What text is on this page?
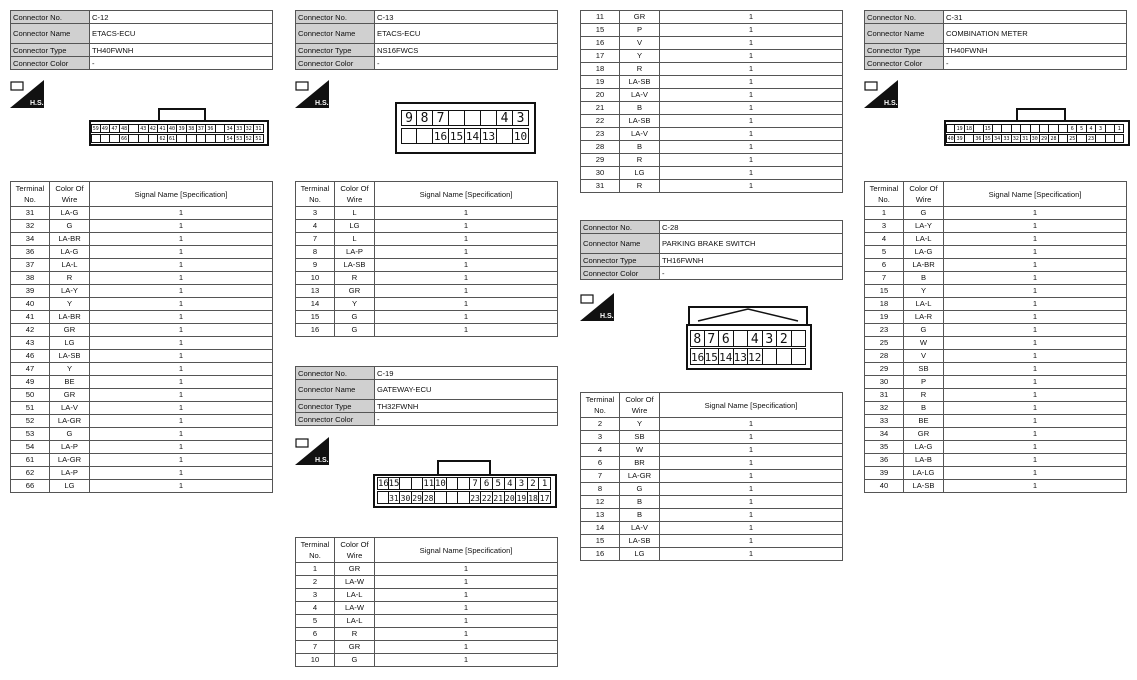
Connector No.	C-12
Connector Name	ETACS-ECU
Connector Type	TH40FWNH
Connector Color	-
H.S.
59 49 47 48	43 42 41 40 39 38 37 36	34 33 32 31
66	62 61	54 53 52 51
Terminal No.	Color Of Wire	Signal Name [Specification]
31	LA-G	1
32	G	1
34	LA-BR	1
36	LA-G	1
37	LA-L	1
38	R	1
39	LA-Y	1
40	Y	1
41	LA-BR	1
42	GR	1
43	LG	1
46	LA-SB	1
47	Y	1
49	BE	1
50	GR	1
51	LA-V	1
52	LA-GR	1
53	G	1
54	LA-P	1
61	LA-GR	1
62	LA-P	1
66	LG	1
Connector No.	C-13
Connector Name	ETACS-ECU
Connector Type	NS16FWCS
Connector Color	-
H.S.
9 8 7	4 3
16 15 14 13 10
Terminal No.	Color Of Wire	Signal Name [Specification]
3	L	1
4	LG	1
7	L	1
8	LA-P	1
9	LA-SB	1
10	R	1
13	GR	1
14	Y	1
15	G	1
16	G	1
Connector No.	C-19
Connector Name	GATEWAY-ECU
Connector Type	TH32FWNH
Connector Color	-
H.S.
16 15	11 10	7 6 5 4 3 2 1
31 30 29 28	23 22 21 20 19 18 17
Terminal No.	Color Of Wire	Signal Name [Specification]
1	GR	1
2	LA-W	1
3	LA-L	1
4	LA-W	1
5	LA-L	1
6	R	1
7	GR	1
10	G	1
11	GR	1
15	P	1
16	V	1
17	Y	1
18	R	1
19	LA-SB	1
20	LA-V	1
21	B	1
22	LA-SB	1
23	LA-V	1
28	B	1
29	R	1
30	LG	1
31	R	1
Connector No.	C-28
Connector Name	PARKING BRAKE SWITCH
Connector Type	TH16FWNH
Connector Color	-
H.S.
8 7 6 4 3 2
16 15 14 13 12
Terminal No.	Color Of Wire	Signal Name [Specification]
2	Y	1
3	SB	1
4	W	1
6	BR	1
7	LA-GR	1
8	G	1
12	B	1
13	B	1
14	LA-V	1
15	LA-SB	1
16	LG	1
Connector No.	C-31
Connector Name	COMBINATION METER
Connector Type	TH40FWNH
Connector Color	-
H.S.
19 18	15	6	5	4	3	1
40 39	36 35 34 33 32 31 30 29 28	25	23
Terminal No.	Color Of Wire	Signal Name [Specification]
1	G	1
3	LA-Y	1
4	LA-L	1
5	LA-G	1
6	LA-BR	1
7	B	1
15	Y	1
18	LA-L	1
19	LA-R	1
23	G	1
25	W	1
28	V	1
29	SB	1
30	P	1
31	R	1
32	B	1
33	BE	1
34	GR	1
35	LA-G	1
36	LA-B	1
39	LA-LG	1
40	LA-SB	1
